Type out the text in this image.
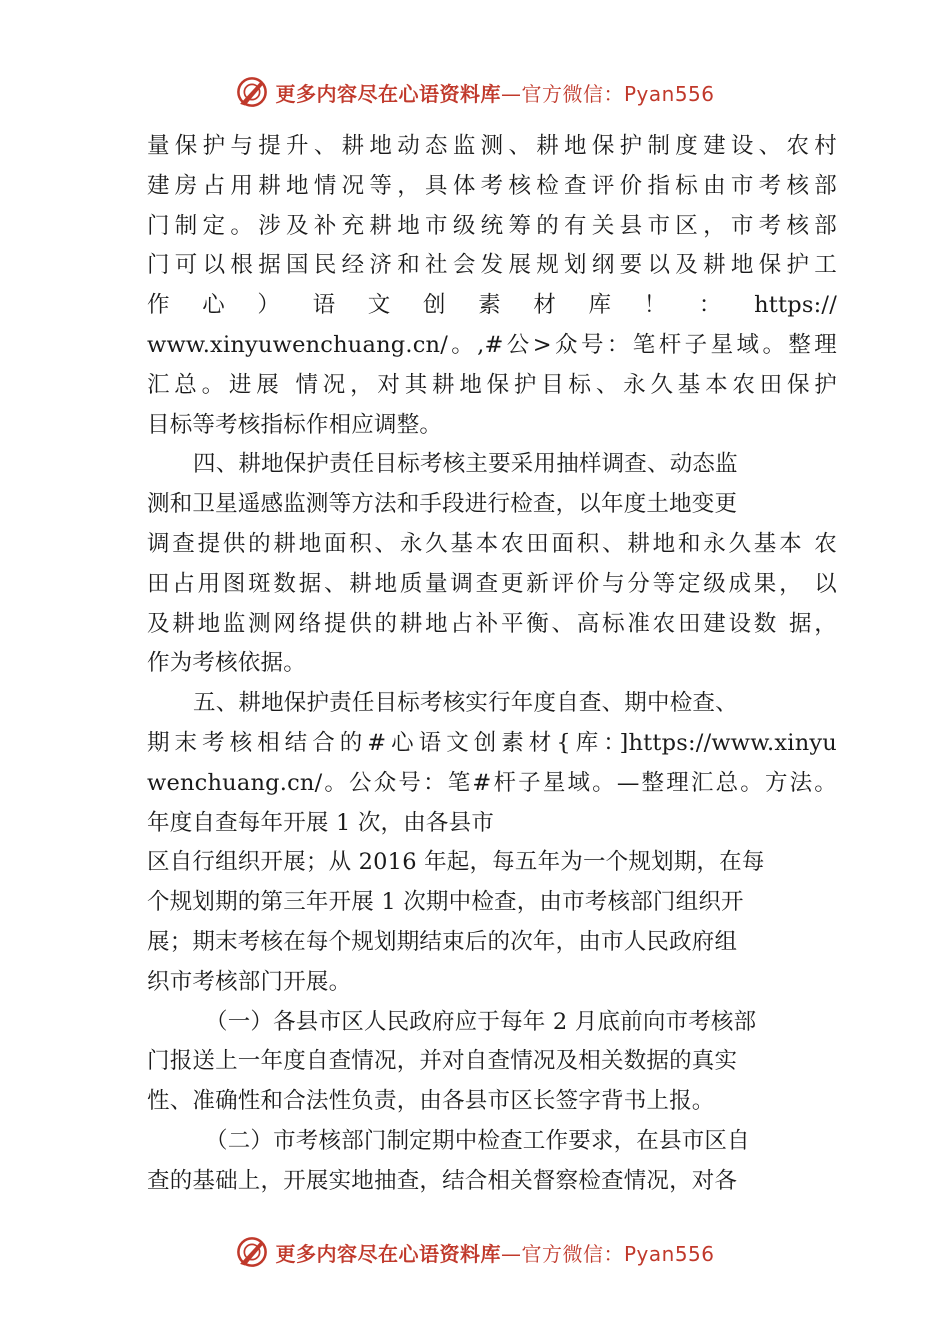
更多内容尽在心语资料库—官方微信：Pyan556
量保护与提升、耕地动态监测、耕地保护制度建设、农村
建房占用耕地情况等，具体考核检查评价指标由市考核部
门制定。涉及补充耕地市级统筹的有关县市区，市考核部
门可以根据国民经济和社会发展规划纲要以及耕地保护工
作 心 ） 语 文 创 素 材 库 ！ ： https://
www.xinyuwenchuang.cn/。,#公>众号：笔杆子星域。整理
汇总。进展 情况，对其耕地保护目标、永久基本农田保护
目标等考核指标作相应调整。
四、耕地保护责任目标考核主要采用抽样调查、动态监
测和卫星遥感监测等方法和手段进行检查，以年度土地变更
调查提供的耕地面积、永久基本农田面积、耕地和永久基本 农
田占用图斑数据、耕地质量调查更新评价与分等定级成果， 以
及耕地监测网络提供的耕地占补平衡、高标准农田建设数 据，
作为考核依据。
五、耕地保护责任目标考核实行年度自查、期中检查、
期末考核相结合的#心语文创素材{库：]https://www.xinyu
wenchuang.cn/。公众号：笔#杆子星域。—整理汇总。方法。
年度自查每年开展 1 次，由各县市
区自行组织开展；从 2016 年起，每五年为一个规划期，在每
个规划期的第三年开展 1 次期中检查，由市考核部门组织开
展；期末考核在每个规划期结束后的次年，由市人民政府组
织市考核部门开展。
（一）各县市区人民政府应于每年 2 月底前向市考核部
门报送上一年度自查情况，并对自查情况及相关数据的真实
性、准确性和合法性负责，由各县市区长签字背书上报。
（二）市考核部门制定期中检查工作要求，在县市区自
查的基础上，开展实地抽查，结合相关督察检查情况，对各
更多内容尽在心语资料库—官方微信：Pyan556
